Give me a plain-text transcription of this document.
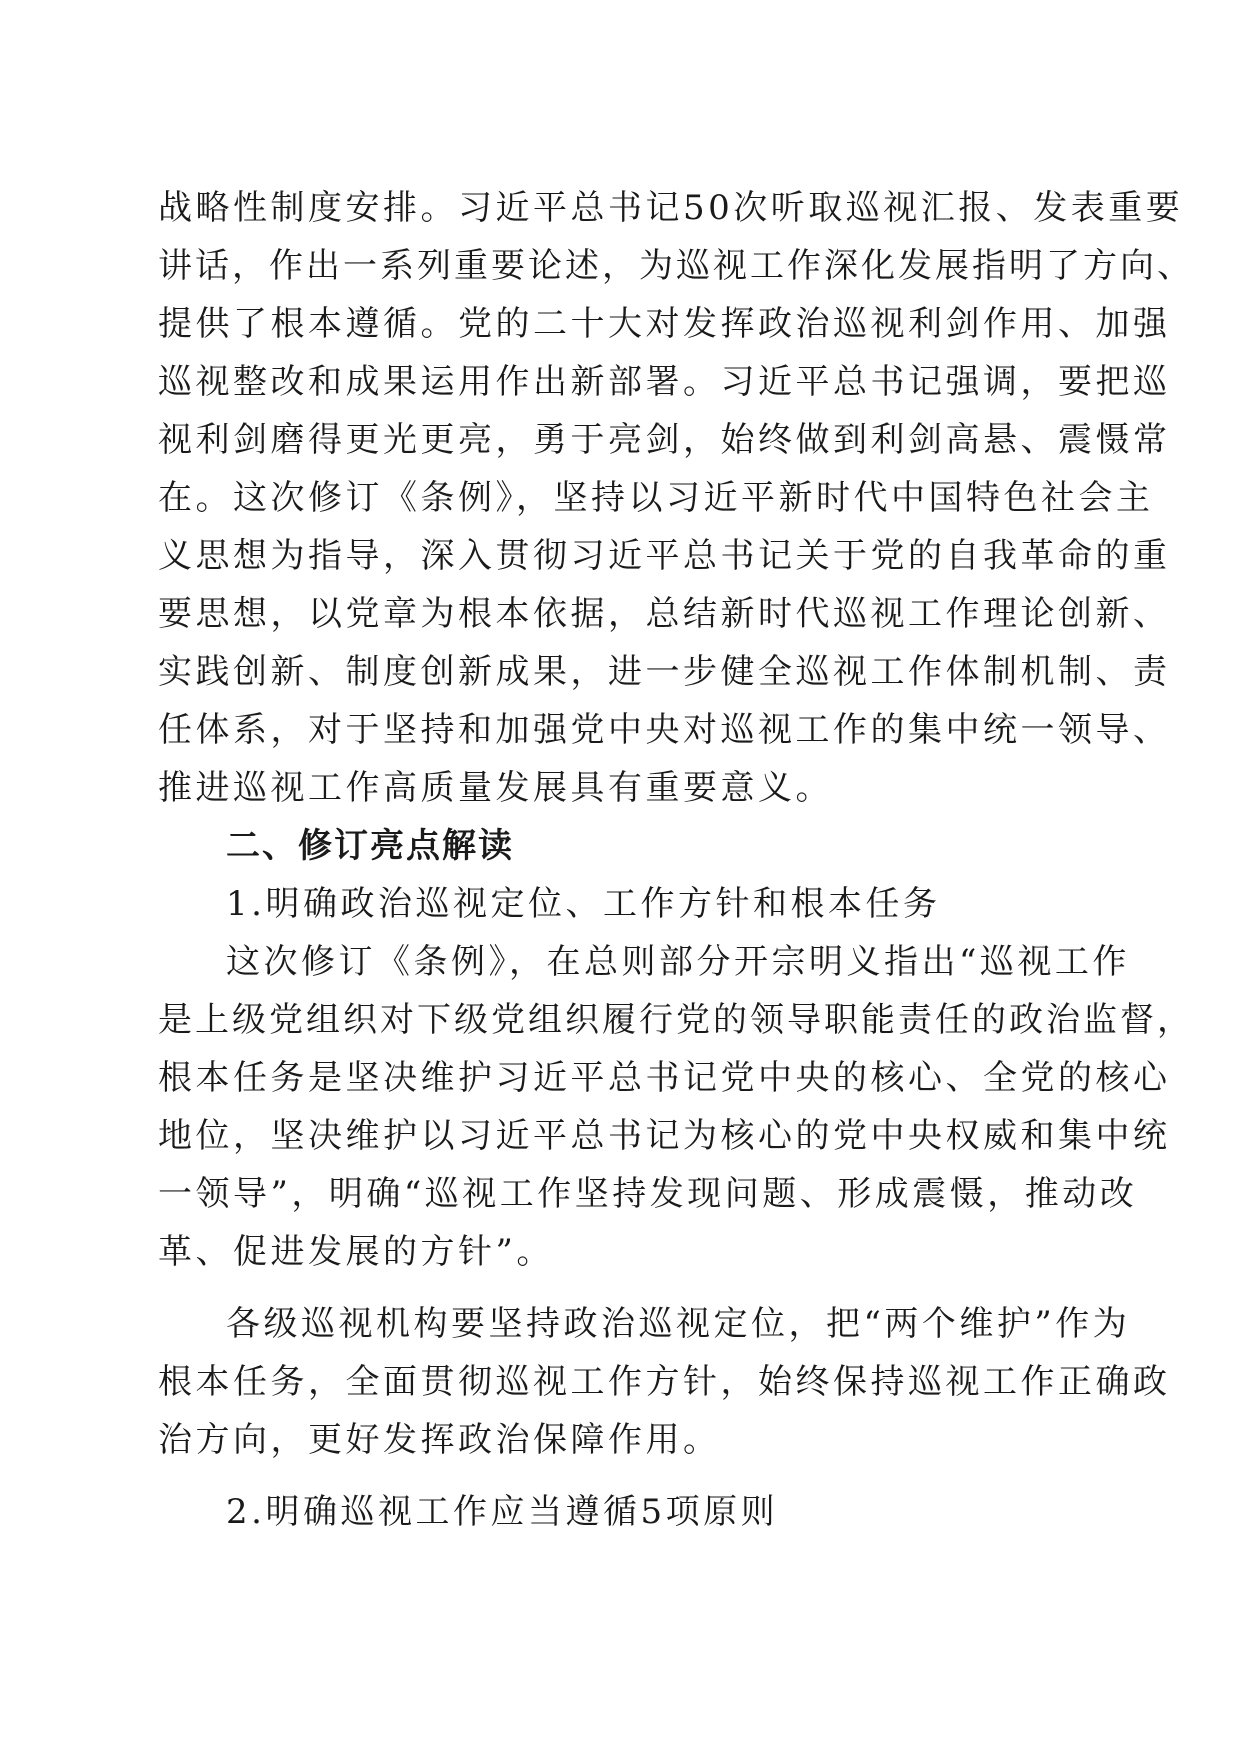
战略性制度安排。习近平总书记50次听取巡视汇报、发表重要

讲话，作出一系列重要论述，为巡视工作深化发展指明了方向、

提供了根本遵循。党的二十大对发挥政治巡视利剑作用、加强

巡视整改和成果运用作出新部署。习近平总书记强调，要把巡

视利剑磨得更光更亮，勇于亮剑，始终做到利剑高悬、震慑常

在。这次修订《条例》，坚持以习近平新时代中国特色社会主

义思想为指导，深入贯彻习近平总书记关于党的自我革命的重

要思想，以党章为根本依据，总结新时代巡视工作理论创新、

实践创新、制度创新成果，进一步健全巡视工作体制机制、责

任体系，对于坚持和加强党中央对巡视工作的集中统一领导、

推进巡视工作高质量发展具有重要意义。

二、修订亮点解读

1.明确政治巡视定位、工作方针和根本任务

这次修订《条例》，在总则部分开宗明义指出“巡视工作

是上级党组织对下级党组织履行党的领导职能责任的政治监督，

根本任务是坚决维护习近平总书记党中央的核心、全党的核心

地位，坚决维护以习近平总书记为核心的党中央权威和集中统

一领导”，明确“巡视工作坚持发现问题、形成震慑，推动改

革、促进发展的方针”。

各级巡视机构要坚持政治巡视定位，把“两个维护”作为

根本任务，全面贯彻巡视工作方针，始终保持巡视工作正确政

治方向，更好发挥政治保障作用。

2.明确巡视工作应当遵循5项原则
